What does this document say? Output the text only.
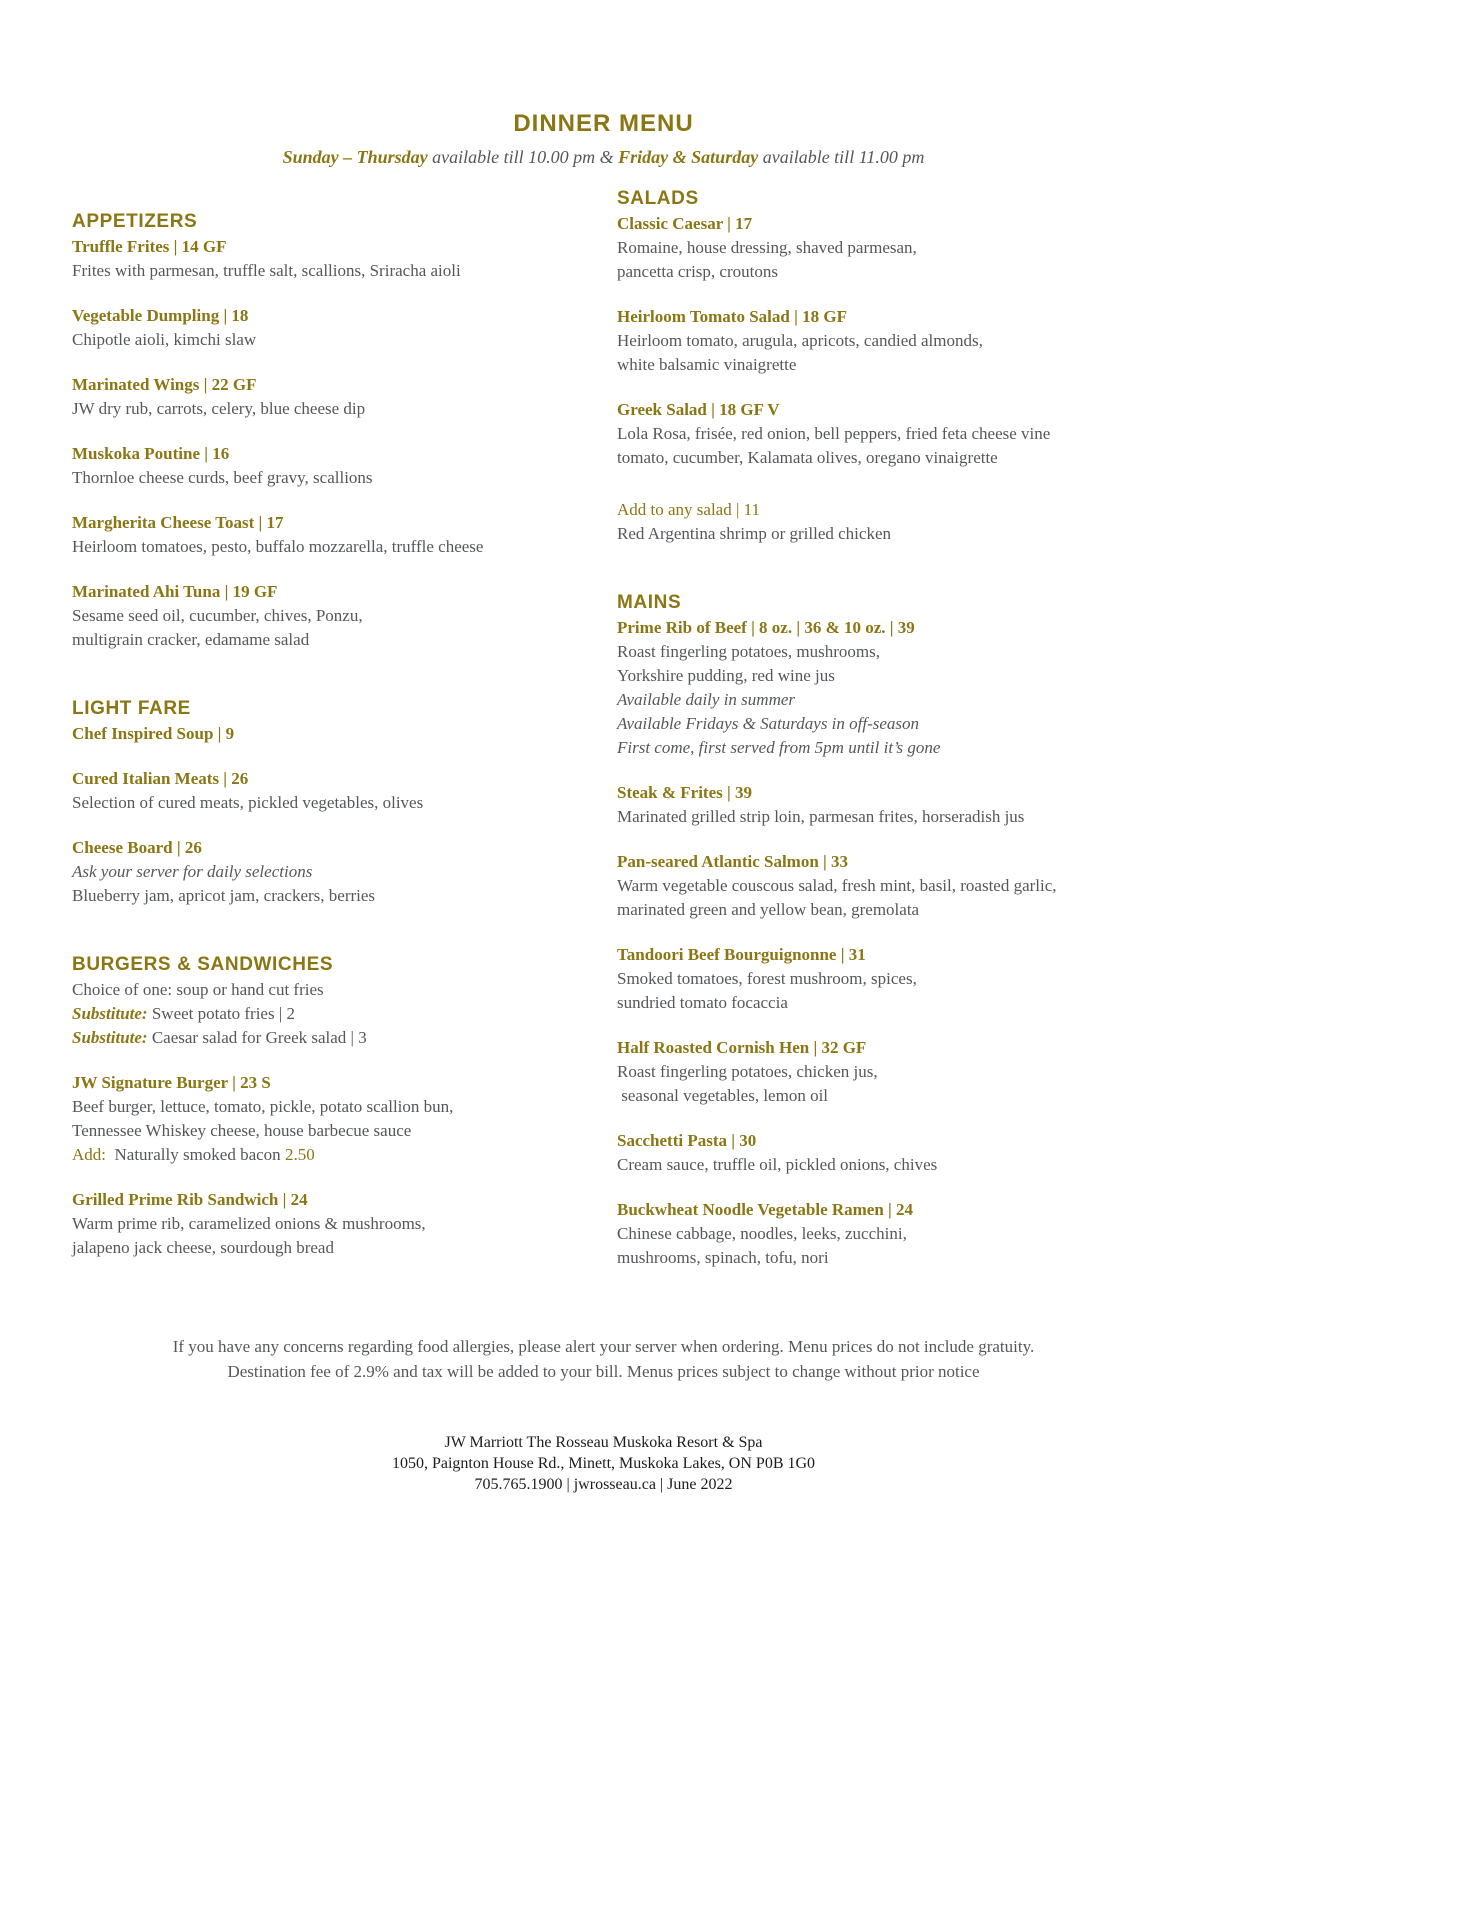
DINNER MENU

Sunday – Thursday available till 10.00 pm & Friday & Saturday available till 11.00 pm

APPETIZERS

Truffle Frites | 14 GF

Frites with parmesan, truffle salt, scallions, Sriracha aioli

Vegetable Dumpling | 18

Chipotle aioli, kimchi slaw

Marinated Wings | 22 GF

JW dry rub, carrots, celery, blue cheese dip

Muskoka Poutine | 16

Thornloe cheese curds, beef gravy, scallions

Margherita Cheese Toast | 17

Heirloom tomatoes, pesto, buffalo mozzarella, truffle cheese

Marinated Ahi Tuna | 19 GF

Sesame seed oil, cucumber, chives, Ponzu,

multigrain cracker, edamame salad

LIGHT FARE

Chef Inspired Soup | 9

Cured Italian Meats | 26

Selection of cured meats, pickled vegetables, olives

Cheese Board | 26

Ask your server for daily selections

Blueberry jam, apricot jam, crackers, berries

BURGERS & SANDWICHES

Choice of one: soup or hand cut fries

Substitute: Sweet potato fries | 2

Substitute: Caesar salad for Greek salad | 3

JW Signature Burger | 23 S

Beef burger, lettuce, tomato, pickle, potato scallion bun,

Tennessee Whiskey cheese, house barbecue sauce

Add:  Naturally smoked bacon 2.50

Grilled Prime Rib Sandwich | 24

Warm prime rib, caramelized onions & mushrooms,

jalapeno jack cheese, sourdough bread

SALADS

Classic Caesar | 17

Romaine, house dressing, shaved parmesan,

pancetta crisp, croutons

Heirloom Tomato Salad | 18 GF

Heirloom tomato, arugula, apricots, candied almonds,

white balsamic vinaigrette

Greek Salad | 18 GF V

Lola Rosa, frisée, red onion, bell peppers, fried feta cheese vine

tomato, cucumber, Kalamata olives, oregano vinaigrette

Add to any salad | 11

Red Argentina shrimp or grilled chicken

MAINS

Prime Rib of Beef | 8 oz. | 36 & 10 oz. | 39

Roast fingerling potatoes, mushrooms,

Yorkshire pudding, red wine jus

Available daily in summer

Available Fridays & Saturdays in off-season

First come, first served from 5pm until it’s gone

Steak & Frites | 39

Marinated grilled strip loin, parmesan frites, horseradish jus

Pan-seared Atlantic Salmon | 33

Warm vegetable couscous salad, fresh mint, basil, roasted garlic,

marinated green and yellow bean, gremolata

Tandoori Beef Bourguignonne | 31

Smoked tomatoes, forest mushroom, spices,

sundried tomato focaccia

Half Roasted Cornish Hen | 32 GF

Roast fingerling potatoes, chicken jus,

seasonal vegetables, lemon oil

Sacchetti Pasta | 30

Cream sauce, truffle oil, pickled onions, chives

Buckwheat Noodle Vegetable Ramen | 24

Chinese cabbage, noodles, leeks, zucchini,

mushrooms, spinach, tofu, nori

If you have any concerns regarding food allergies, please alert your server when ordering. Menu prices do not include gratuity.

Destination fee of 2.9% and tax will be added to your bill. Menus prices subject to change without prior notice

JW Marriott The Rosseau Muskoka Resort & Spa

1050, Paignton House Rd., Minett, Muskoka Lakes, ON P0B 1G0

705.765.1900 | jwrosseau.ca | June 2022
